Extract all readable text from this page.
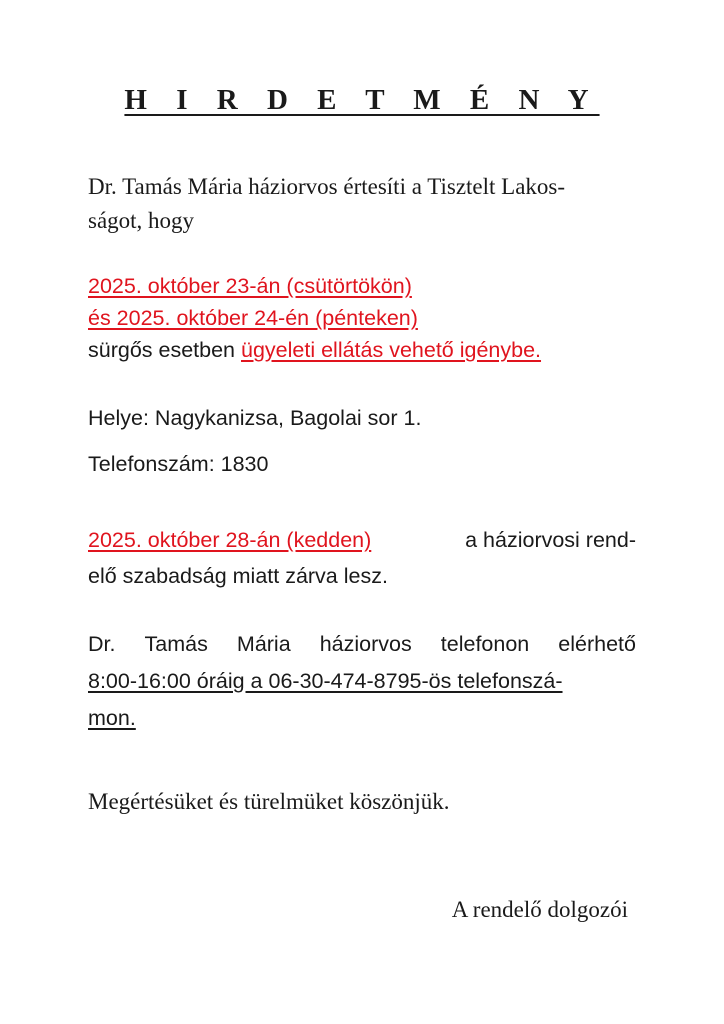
H I R D E T M É N Y
Dr. Tamás Mária háziorvos értesíti a Tisztelt Lakos-
ságot, hogy
2025. október 23-án (csütörtökön)
és 2025. október 24-én (pénteken)
sürgős esetben ügyeleti ellátás vehető igénybe.
Helye: Nagykanizsa, Bagolai sor 1.
Telefonszám: 1830
2025. október 28-án (kedden)	a háziorvosi rend-
elő szabadság miatt zárva lesz.
Dr. Tamás Mária háziorvos telefonon elérhető
8:00-16:00 óráig a 06-30-474-8795-ös telefonszá-
mon.
Megértésüket és türelmüket köszönjük.
A rendelő dolgozói
